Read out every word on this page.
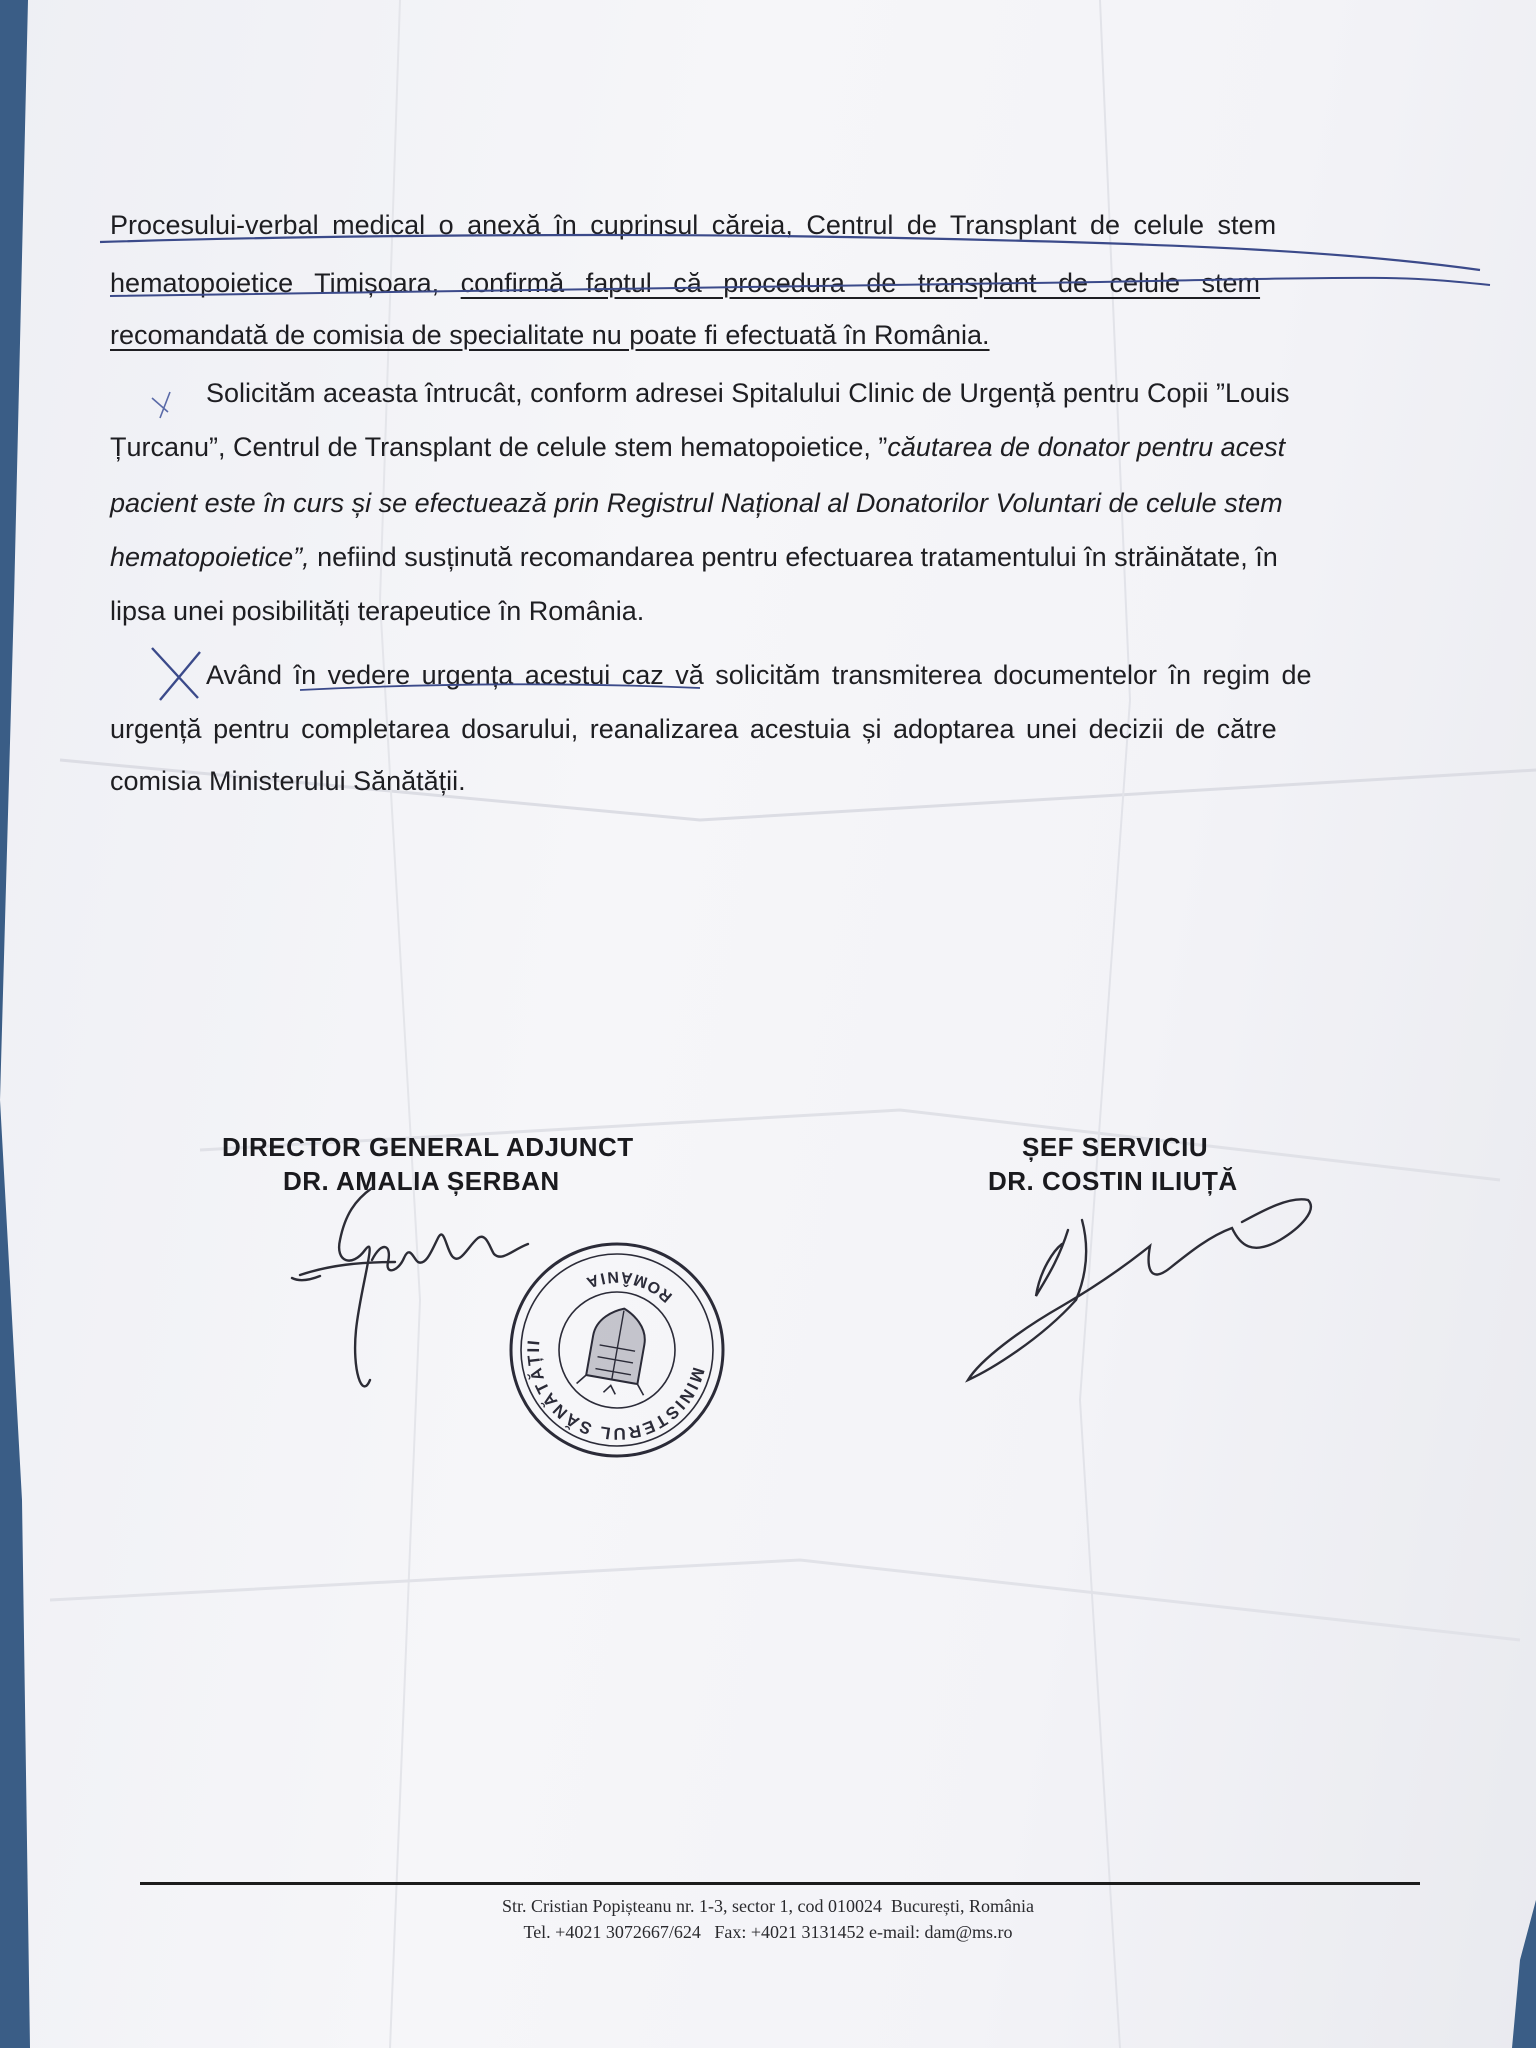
Procesului-verbal medical o anexă în cuprinsul căreia, Centrul de Transplant de celule stem
hematopoietice Timișoara, confirmă faptul că procedura de transplant de celule stem
recomandată de comisia de specialitate nu poate fi efectuată în România.
Solicităm aceasta întrucât, conform adresei Spitalului Clinic de Urgență pentru Copii ”Louis
Țurcanu”, Centrul de Transplant de celule stem hematopoietice, ”căutarea de donator pentru acest
pacient este în curs și se efectuează prin Registrul Național al Donatorilor Voluntari de celule stem
hematopoietice”, nefiind susținută recomandarea pentru efectuarea tratamentului în străinătate, în
lipsa unei posibilități terapeutice în România.
Având în vedere urgența acestui caz vă solicităm transmiterea documentelor în regim de
urgență pentru completarea dosarului, reanalizarea acestuia și adoptarea unei decizii de către
comisia Ministerului Sănătății.
DIRECTOR GENERAL ADJUNCT
DR. AMALIA ȘERBAN
ȘEF SERVICIU
DR. COSTIN ILIUȚĂ
MINISTERUL SĂNĂTĂȚII
ROMÂNIA
Str. Cristian Popișteanu nr. 1-3, sector 1, cod 010024  București, România
Tel. +4021 3072667/624   Fax: +4021 3131452 e-mail: dam@ms.ro
